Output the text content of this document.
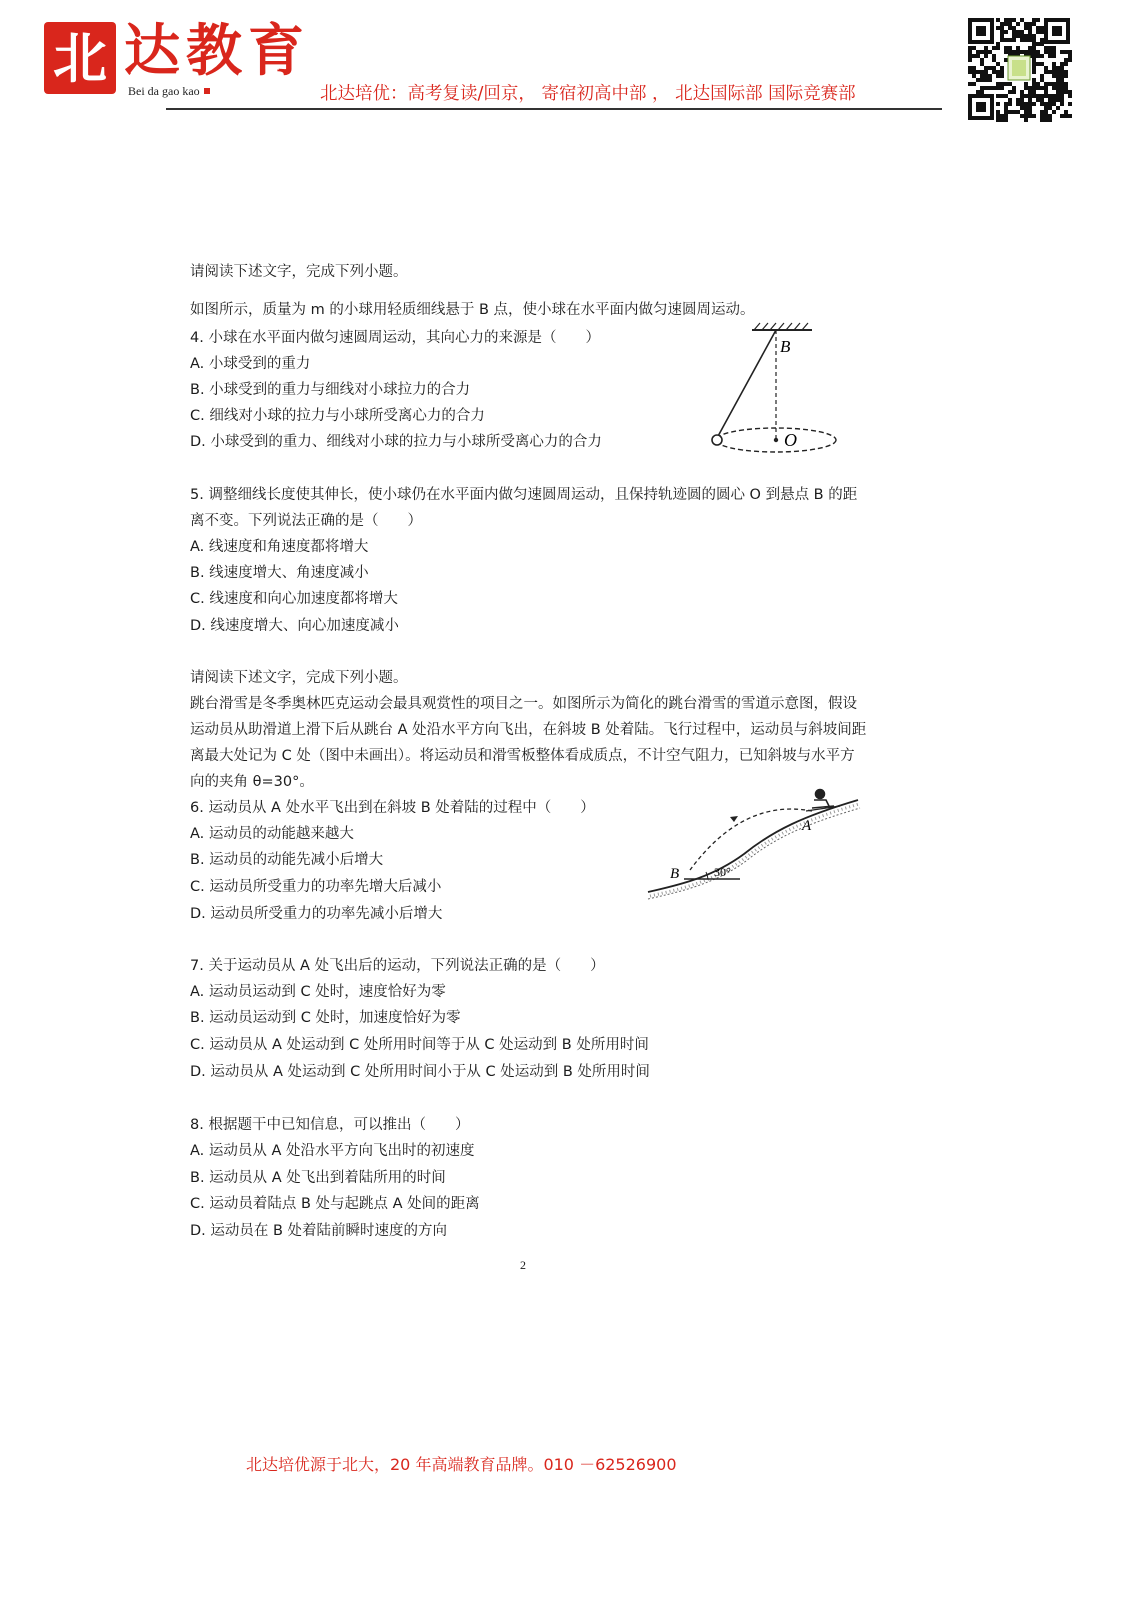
北 达教育
Bei da gao kao	北达培优：高考复读/回京， 寄宿初高中部 ， 北达国际部 国际竞赛部
请阅读下述文字，完成下列小题。
如图所示，质量为 m 的小球用轻质细线悬于 B 点，使小球在水平面内做匀速圆周运动。
4. 小球在水平面内做匀速圆周运动，其向心力的来源是（　　）
A. 小球受到的重力
B. 小球受到的重力与细线对小球拉力的合力
C. 细线对小球的拉力与小球所受离心力的合力
D. 小球受到的重力、细线对小球的拉力与小球所受离心力的合力
B
O
5. 调整细线长度使其伸长，使小球仍在水平面内做匀速圆周运动，且保持轨迹圆的圆心 O 到悬点 B 的距
离不变。下列说法正确的是（　　）
A. 线速度和角速度都将增大
B. 线速度增大、角速度减小
C. 线速度和向心加速度都将增大
D. 线速度增大、向心加速度减小
请阅读下述文字，完成下列小题。
跳台滑雪是冬季奥林匹克运动会最具观赏性的项目之一。如图所示为简化的跳台滑雪的雪道示意图，假设
运动员从助滑道上滑下后从跳台 A 处沿水平方向飞出，在斜坡 B 处着陆。飞行过程中，运动员与斜坡间距
离最大处记为 C 处（图中未画出）。将运动员和滑雪板整体看成质点，不计空气阻力，已知斜坡与水平方
向的夹角 θ=30°。
6. 运动员从 A 处水平飞出到在斜坡 B 处着陆的过程中（　　）
A. 运动员的动能越来越大
B. 运动员的动能先减小后增大
C. 运动员所受重力的功率先增大后减小
D. 运动员所受重力的功率先减小后增大
B	30°
A
7. 关于运动员从 A 处飞出后的运动，下列说法正确的是（　　）
A. 运动员运动到 C 处时，速度恰好为零
B. 运动员运动到 C 处时，加速度恰好为零
C. 运动员从 A 处运动到 C 处所用时间等于从 C 处运动到 B 处所用时间
D. 运动员从 A 处运动到 C 处所用时间小于从 C 处运动到 B 处所用时间
8. 根据题干中已知信息，可以推出（　　）
A. 运动员从 A 处沿水平方向飞出时的初速度
B. 运动员从 A 处飞出到着陆所用的时间
C. 运动员着陆点 B 处与起跳点 A 处间的距离
D. 运动员在 B 处着陆前瞬时速度的方向
2
北达培优源于北大，20 年高端教育品牌。010 －62526900
